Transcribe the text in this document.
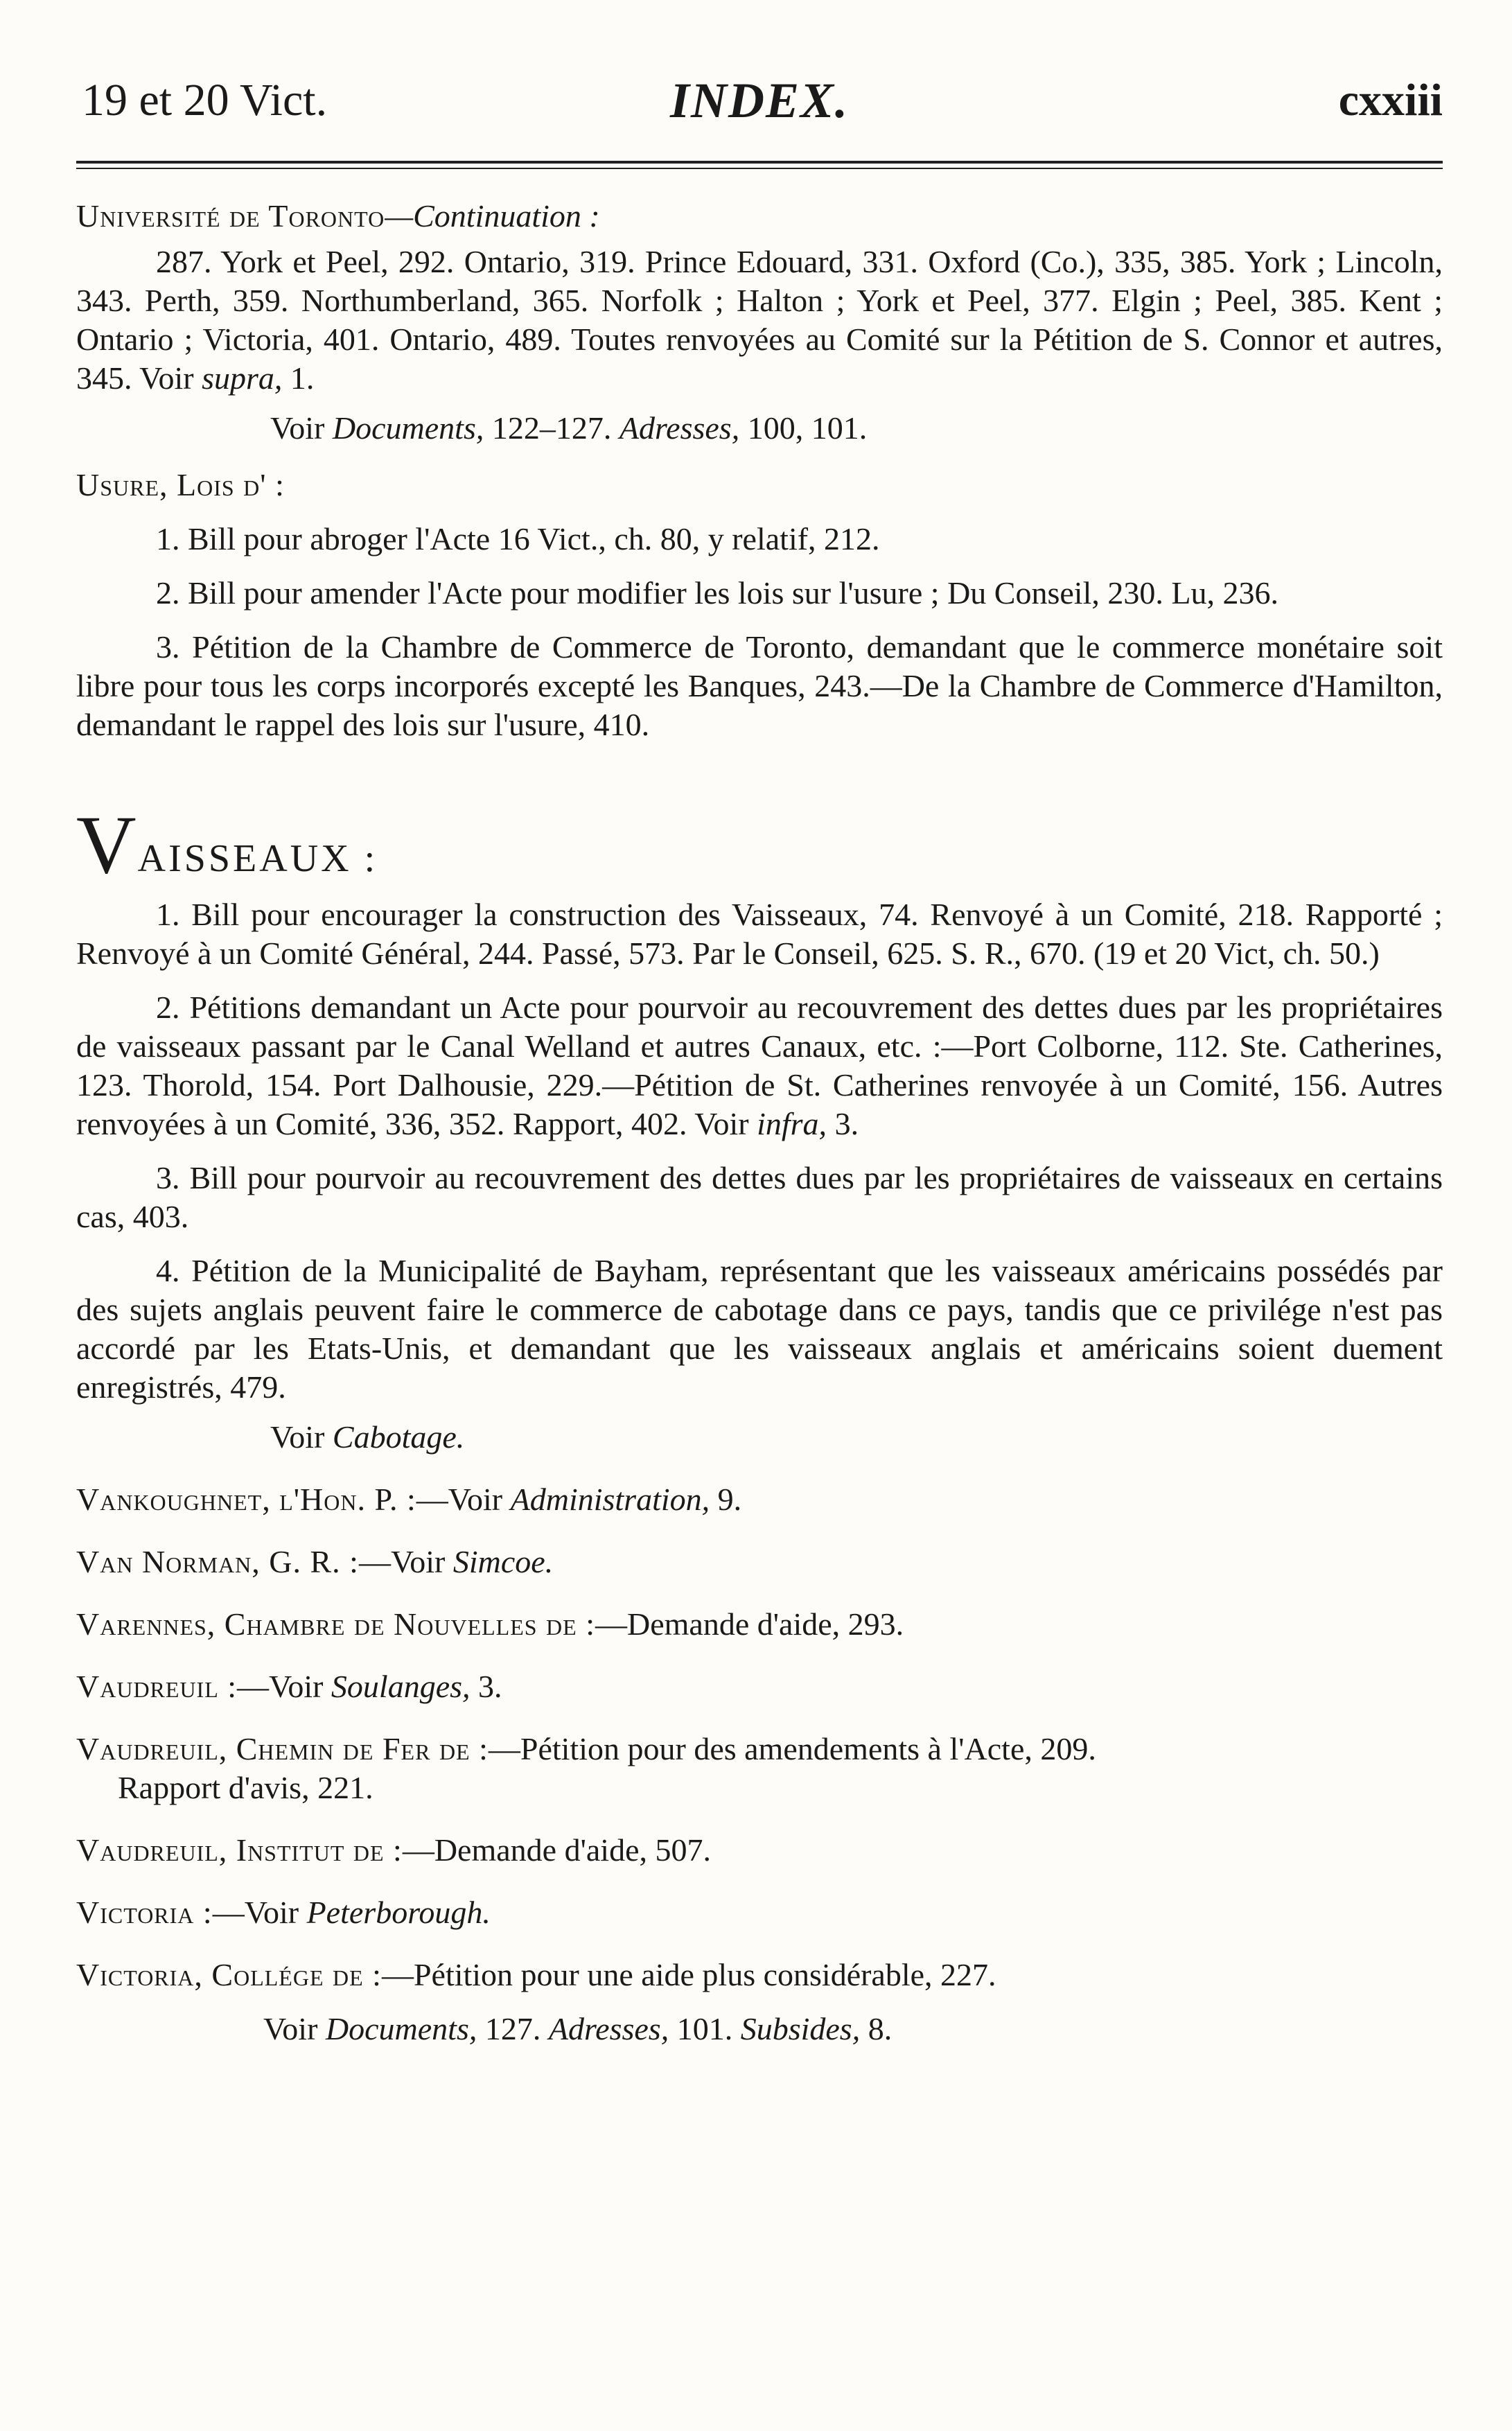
19 et 20 Vict.	INDEX.	cxxiii
Université de Toronto—Continuation :

287. York et Peel, 292. Ontario, 319. Prince Edouard, 331. Oxford (Co.), 335, 385. York ; Lincoln, 343. Perth, 359. Northumberland, 365. Norfolk ; Halton ; York et Peel, 377. Elgin ; Peel, 385. Kent ; Ontario ; Victoria, 401. Ontario, 489. Toutes renvoyées au Comité sur la Pétition de S. Connor et autres, 345. Voir supra, 1.

Voir Documents, 122–127. Adresses, 100, 101.
Usure, Lois d' :

1. Bill pour abroger l'Acte 16 Vict., ch. 80, y relatif, 212.

2. Bill pour amender l'Acte pour modifier les lois sur l'usure ; Du Conseil, 230. Lu, 236.

3. Pétition de la Chambre de Commerce de Toronto, demandant que le commerce monétaire soit libre pour tous les corps incorporés excepté les Banques, 243.—De la Chambre de Commerce d'Hamilton, demandant le rappel des lois sur l'usure, 410.

V AISSEAUX :

1. Bill pour encourager la construction des Vaisseaux, 74. Renvoyé à un Comité, 218. Rapporté ; Renvoyé à un Comité Général, 244. Passé, 573. Par le Conseil, 625. S. R., 670. (19 et 20 Vict, ch. 50.)

2. Pétitions demandant un Acte pour pourvoir au recouvrement des dettes dues par les propriétaires de vaisseaux passant par le Canal Welland et autres Canaux, etc. :—Port Colborne, 112. Ste. Catherines, 123. Thorold, 154. Port Dalhousie, 229.—Pétition de St. Catherines renvoyée à un Comité, 156. Autres renvoyées à un Comité, 336, 352. Rapport, 402. Voir infra, 3.

3. Bill pour pourvoir au recouvrement des dettes dues par les propriétaires de vaisseaux en certains cas, 403.

4. Pétition de la Municipalité de Bayham, représentant que les vaisseaux américains possédés par des sujets anglais peuvent faire le commerce de cabotage dans ce pays, tandis que ce privilége n'est pas accordé par les Etats-Unis, et demandant que les vaisseaux anglais et américains soient duement enregistrés, 479.

Voir Cabotage.
Vankoughnet, l'Hon. P. :—Voir Administration, 9.
Van Norman, G. R. :—Voir Simcoe.
Varennes, Chambre de Nouvelles de :—Demande d'aide, 293.
Vaudreuil :—Voir Soulanges, 3.
Vaudreuil, Chemin de Fer de :—Pétition pour des amendements à l'Acte, 209.
Rapport d'avis, 221.
Vaudreuil, Institut de :—Demande d'aide, 507.
Victoria :—Voir Peterborough.
Victoria, Collége de :—Pétition pour une aide plus considérable, 227.
Voir Documents, 127. Adresses, 101. Subsides, 8.
